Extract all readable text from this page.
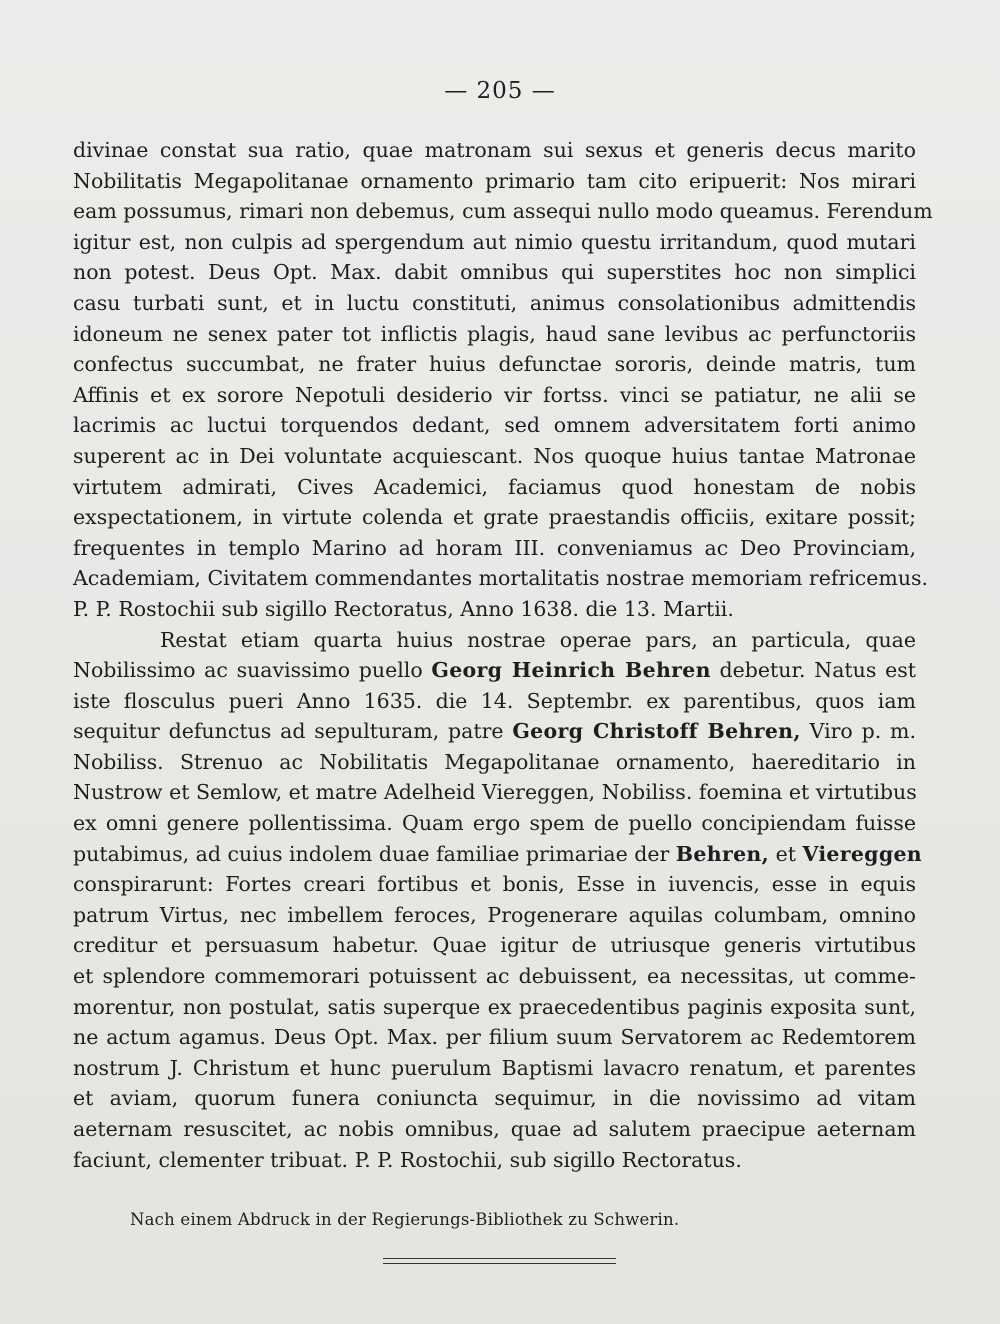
— 205 —
divinae constat sua ratio, quae matronam sui sexus et generis decus marito
Nobilitatis Megapolitanae ornamento primario tam cito eripuerit: Nos mirari
eam possumus, rimari non debemus, cum assequi nullo modo queamus. Ferendum
igitur est, non culpis ad spergendum aut nimio questu irritandum, quod mutari
non potest. Deus Opt. Max. dabit omnibus qui superstites hoc non simplici
casu turbati sunt, et in luctu constituti, animus consolationibus admittendis
idoneum ne senex pater tot inflictis plagis, haud sane levibus ac perfunctoriis
confectus succumbat, ne frater huius defunctae sororis, deinde matris, tum
Affinis et ex sorore Nepotuli desiderio vir fortss. vinci se patiatur, ne alii se
lacrimis ac luctui torquendos dedant, sed omnem adversitatem forti animo
superent ac in Dei voluntate acquiescant. Nos quoque huius tantae Matronae
virtutem admirati, Cives Academici, faciamus quod honestam de nobis
exspectationem, in virtute colenda et grate praestandis officiis, exitare possit;
frequentes in templo Marino ad horam III. conveniamus ac Deo Provinciam,
Academiam, Civitatem commendantes mortalitatis nostrae memoriam refricemus.
P. P. Rostochii sub sigillo Rectoratus, Anno 1638. die 13. Martii.
Restat etiam quarta huius nostrae operae pars, an particula, quae
Nobilissimo ac suavissimo puello Georg Heinrich Behren debetur. Natus est
iste flosculus pueri Anno 1635. die 14. Septembr. ex parentibus, quos iam
sequitur defunctus ad sepulturam, patre Georg Christoff Behren, Viro p. m.
Nobiliss. Strenuo ac Nobilitatis Megapolitanae ornamento, haereditario in
Nustrow et Semlow, et matre Adelheid Viereggen, Nobiliss. foemina et virtutibus
ex omni genere pollentissima. Quam ergo spem de puello concipiendam fuisse
putabimus, ad cuius indolem duae familiae primariae der Behren, et Viereggen
conspirarunt: Fortes creari fortibus et bonis, Esse in iuvencis, esse in equis
patrum Virtus, nec imbellem feroces, Progenerare aquilas columbam, omnino
creditur et persuasum habetur. Quae igitur de utriusque generis virtutibus
et splendore commemorari potuissent ac debuissent, ea necessitas, ut comme-
morentur, non postulat, satis superque ex praecedentibus paginis exposita sunt,
ne actum agamus. Deus Opt. Max. per filium suum Servatorem ac Redemtorem
nostrum J. Christum et hunc puerulum Baptismi lavacro renatum, et parentes
et aviam, quorum funera coniuncta sequimur, in die novissimo ad vitam
aeternam resuscitet, ac nobis omnibus, quae ad salutem praecipue aeternam
faciunt, clementer tribuat. P. P. Rostochii, sub sigillo Rectoratus.
Nach einem Abdruck in der Regierungs-Bibliothek zu Schwerin.
